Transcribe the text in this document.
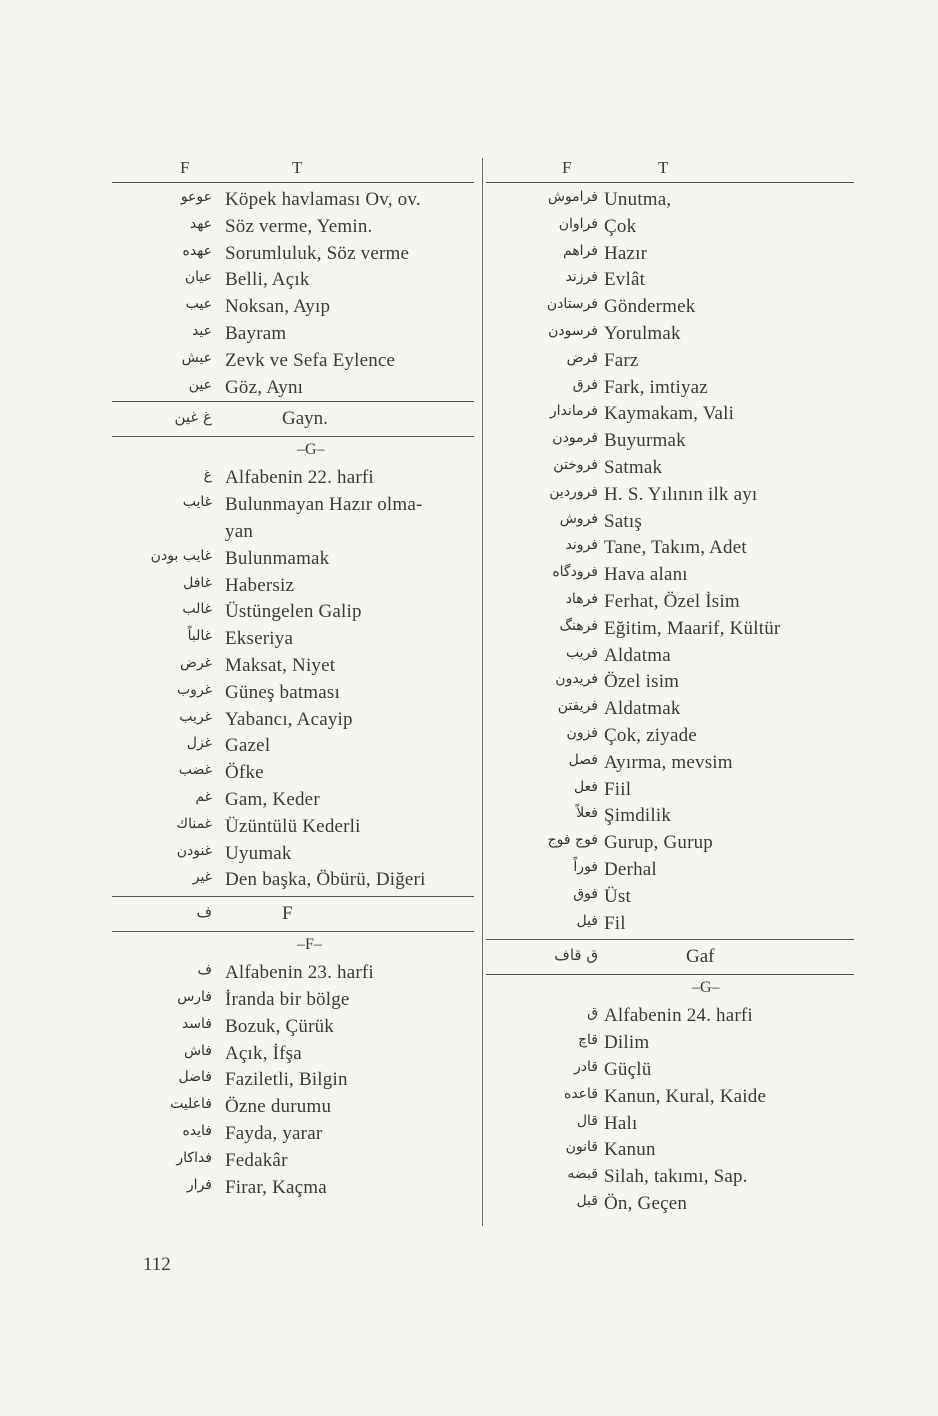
F	T
عوعو Köpek havlaması Ov, ov.
عهد Söz verme, Yemin.
عهده Sorumluluk, Söz verme
عيان Belli, Açık
عيب Noksan, Ayıp
عيد Bayram
عيش Zevk ve Sefa Eylence
عين Göz, Aynı
غ غين	Gayn.
–G–
غ Alfabenin 22. harfi
غايب Bulunmayan Hazır olma-
yan
غايب بودن Bulunmamak
غافل Habersiz
غالب Üstüngelen Galip
غالباً Ekseriya
غرض Maksat, Niyet
غروب Güneş batması
غريب Yabancı, Acayip
غزل Gazel
غضب Öfke
غم Gam, Keder
غمناك Üzüntülü Kederli
غنودن Uyumak
غير Den başka, Öbürü, Diğeri
ف	F
–F–
ف Alfabenin 23. harfi
فارس İranda bir bölge
فاسد Bozuk, Çürük
فاش Açık, İfşa
فاضل Faziletli, Bilgin
فاعليت Özne durumu
فايده Fayda, yarar
فداكار Fedakâr
فرار Firar, Kaçma
F	T
فراموش Unutma,
فراوان Çok
فراهم Hazır
فرزند Evlât
فرستادن Göndermek
فرسودن Yorulmak
فرض Farz
فرق Fark, imtiyaz
فرماندار Kaymakam, Vali
فرمودن Buyurmak
فروختن Satmak
فروردين H. S. Yılının ilk ayı
فروش Satış
فروند Tane, Takım, Adet
فرودگاه Hava alanı
فرهاد Ferhat, Özel İsim
فرهنگ Eğitim, Maarif, Kültür
فريب Aldatma
فريدون Özel isim
فريفتن Aldatmak
فزون Çok, ziyade
فصل Ayırma, mevsim
فعل Fiil
فعلاً Şimdilik
فوج فوج Gurup, Gurup
فوراً Derhal
فوق Üst
فيل Fil
ق قاف	Gaf
–G–
ق Alfabenin 24. harfi
قاچ Dilim
قادر Güçlü
قاعده Kanun, Kural, Kaide
قال Halı
قانون Kanun
قبضه Silah, takımı, Sap.
قبل Ön, Geçen
112
